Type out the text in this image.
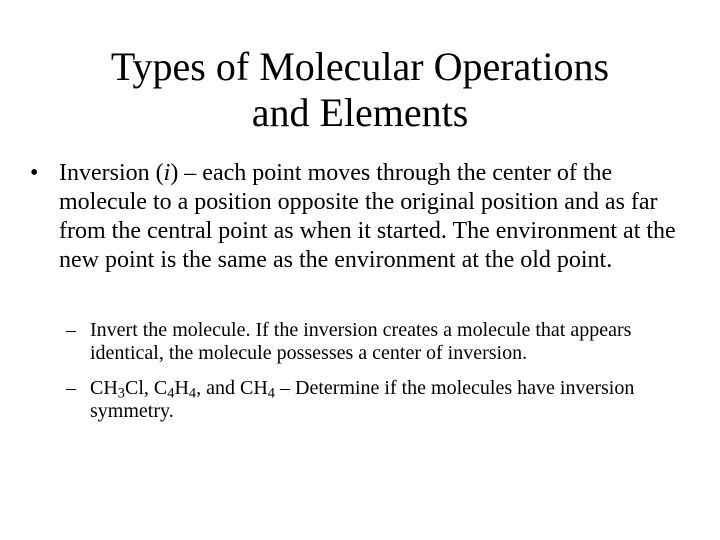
Types of Molecular Operations
and Elements
• Inversion (i) – each point moves through the center of the molecule to a position opposite the original position and as far from the central point as when it started. The environment at the new point is the same as the environment at the old point.
– Invert the molecule. If the inversion creates a molecule that appears identical, the molecule possesses a center of inversion.
– $CH_3Cl$, $C_4H_4$, and $CH_4$ – Determine if the molecules have inversion symmetry.
